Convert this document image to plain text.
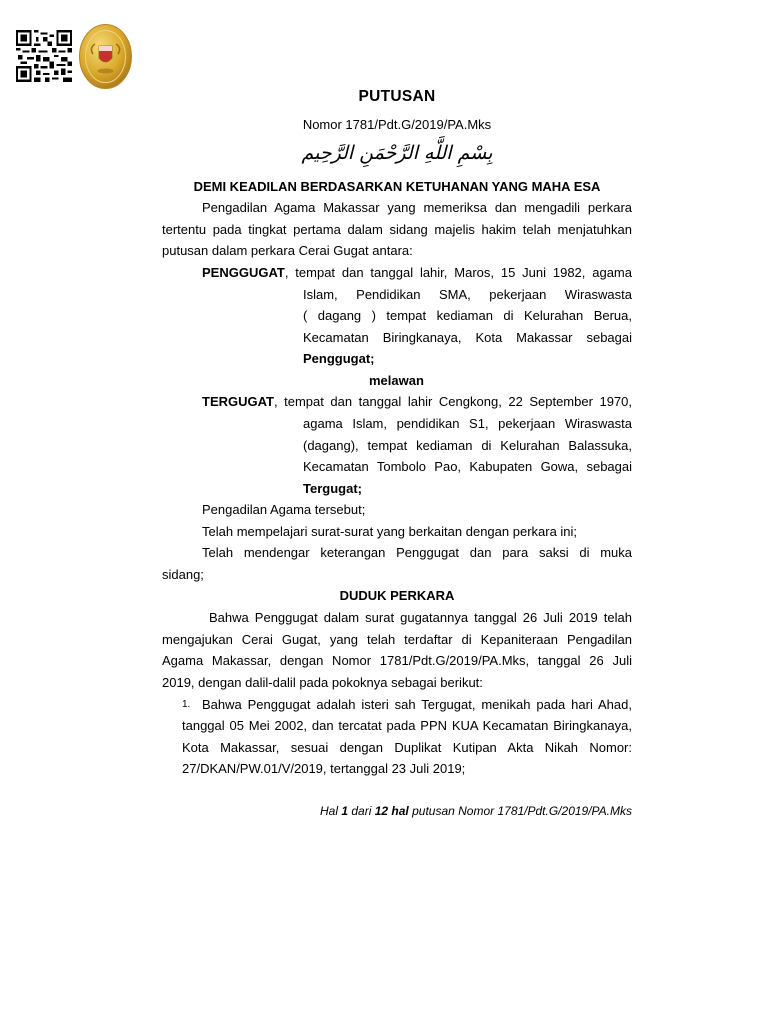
PUTUSAN
Nomor 1781/Pdt.G/2019/PA.Mks
بِسْمِ اللَّهِ الرَّحْمَنِ الرَّحِيم
DEMI KEADILAN BERDASARKAN KETUHANAN YANG MAHA ESA
Pengadilan Agama Makassar yang memeriksa dan mengadili perkara
tertentu pada tingkat pertama dalam sidang majelis hakim telah menjatuhkan
putusan dalam perkara Cerai Gugat antara:
PENGGUGAT, tempat dan tanggal lahir, Maros, 15 Juni 1982, agama
Islam, Pendidikan SMA, pekerjaan Wiraswasta
( dagang ) tempat kediaman di Kelurahan Berua,
Kecamatan Biringkanaya, Kota Makassar sebagai
Penggugat;
melawan
TERGUGAT, tempat dan tanggal lahir Cengkong, 22 September 1970,
agama Islam, pendidikan S1, pekerjaan Wiraswasta
(dagang), tempat kediaman di Kelurahan Balassuka,
Kecamatan Tombolo Pao, Kabupaten Gowa, sebagai
Tergugat;
Pengadilan Agama tersebut;
Telah mempelajari surat-surat yang berkaitan dengan perkara ini;
Telah mendengar keterangan Penggugat dan para saksi di muka
sidang;
DUDUK PERKARA
Bahwa Penggugat dalam surat gugatannya tanggal 26 Juli 2019 telah
mengajukan Cerai Gugat, yang telah terdaftar di Kepaniteraan Pengadilan
Agama Makassar, dengan Nomor 1781/Pdt.G/2019/PA.Mks, tanggal 26 Juli
2019, dengan dalil-dalil pada pokoknya sebagai berikut:
1. Bahwa Penggugat adalah isteri sah Tergugat, menikah pada hari Ahad,
tanggal 05 Mei 2002, dan tercatat pada PPN KUA Kecamatan Biringkanaya,
Kota Makassar, sesuai dengan Duplikat Kutipan Akta Nikah Nomor:
27/DKAN/PW.01/V/2019, tertanggal 23 Juli 2019;
Hal 1 dari 12 hal putusan Nomor 1781/Pdt.G/2019/PA.Mks
